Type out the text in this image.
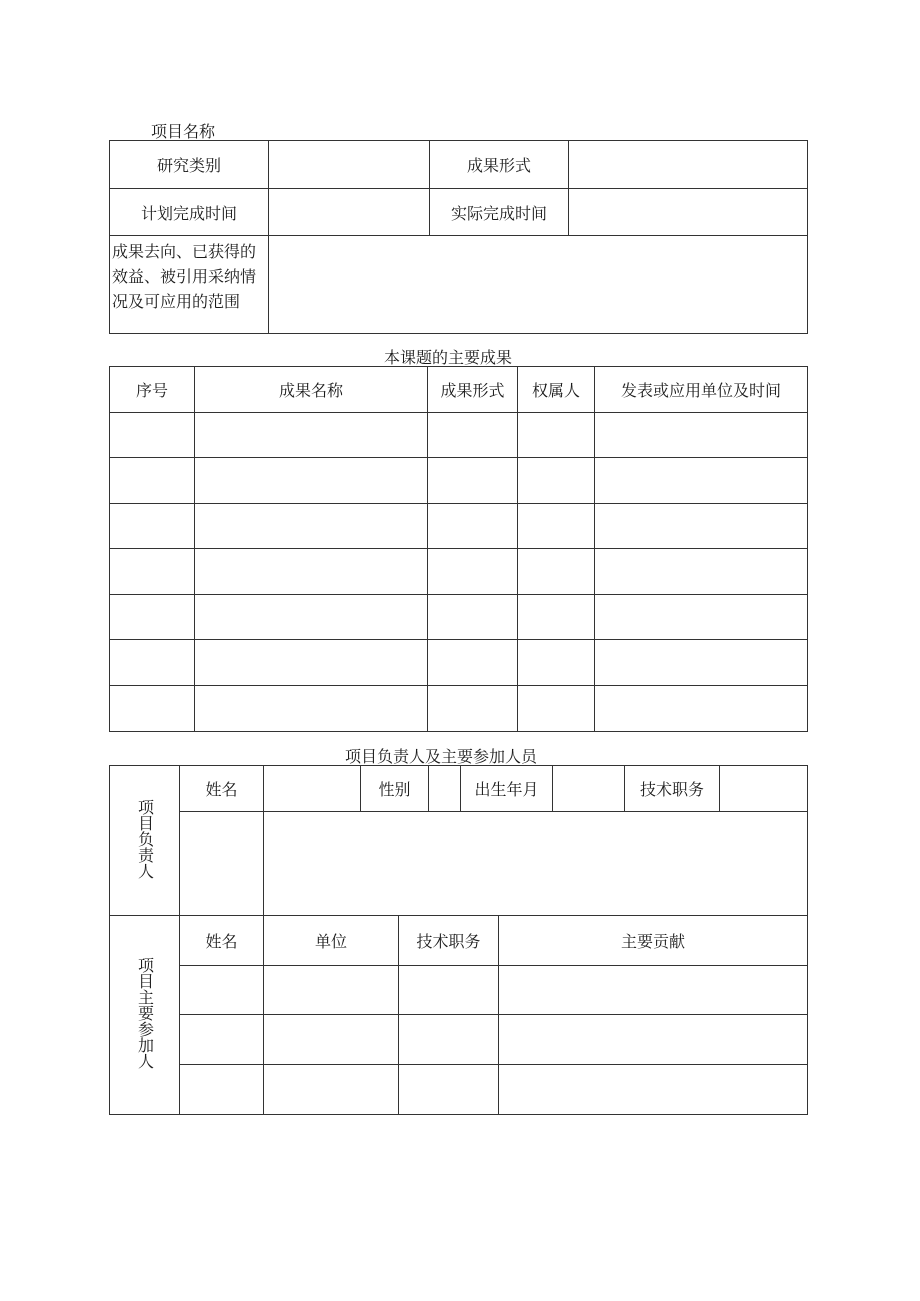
项目名称
研究类别		成果形式	
计划完成时间		实际完成时间	
成果去向、已获得的效益、被引用采纳情况及可应用的范围			
本课题的主要成果
序号	成果名称	成果形式	权属人	发表或应用单位及时间

项目负责人及主要参加人员
项目负责人	姓名		性别		出生年月		技术职务	

项目主要参加人	姓名	单位	技术职务	主要贡献
